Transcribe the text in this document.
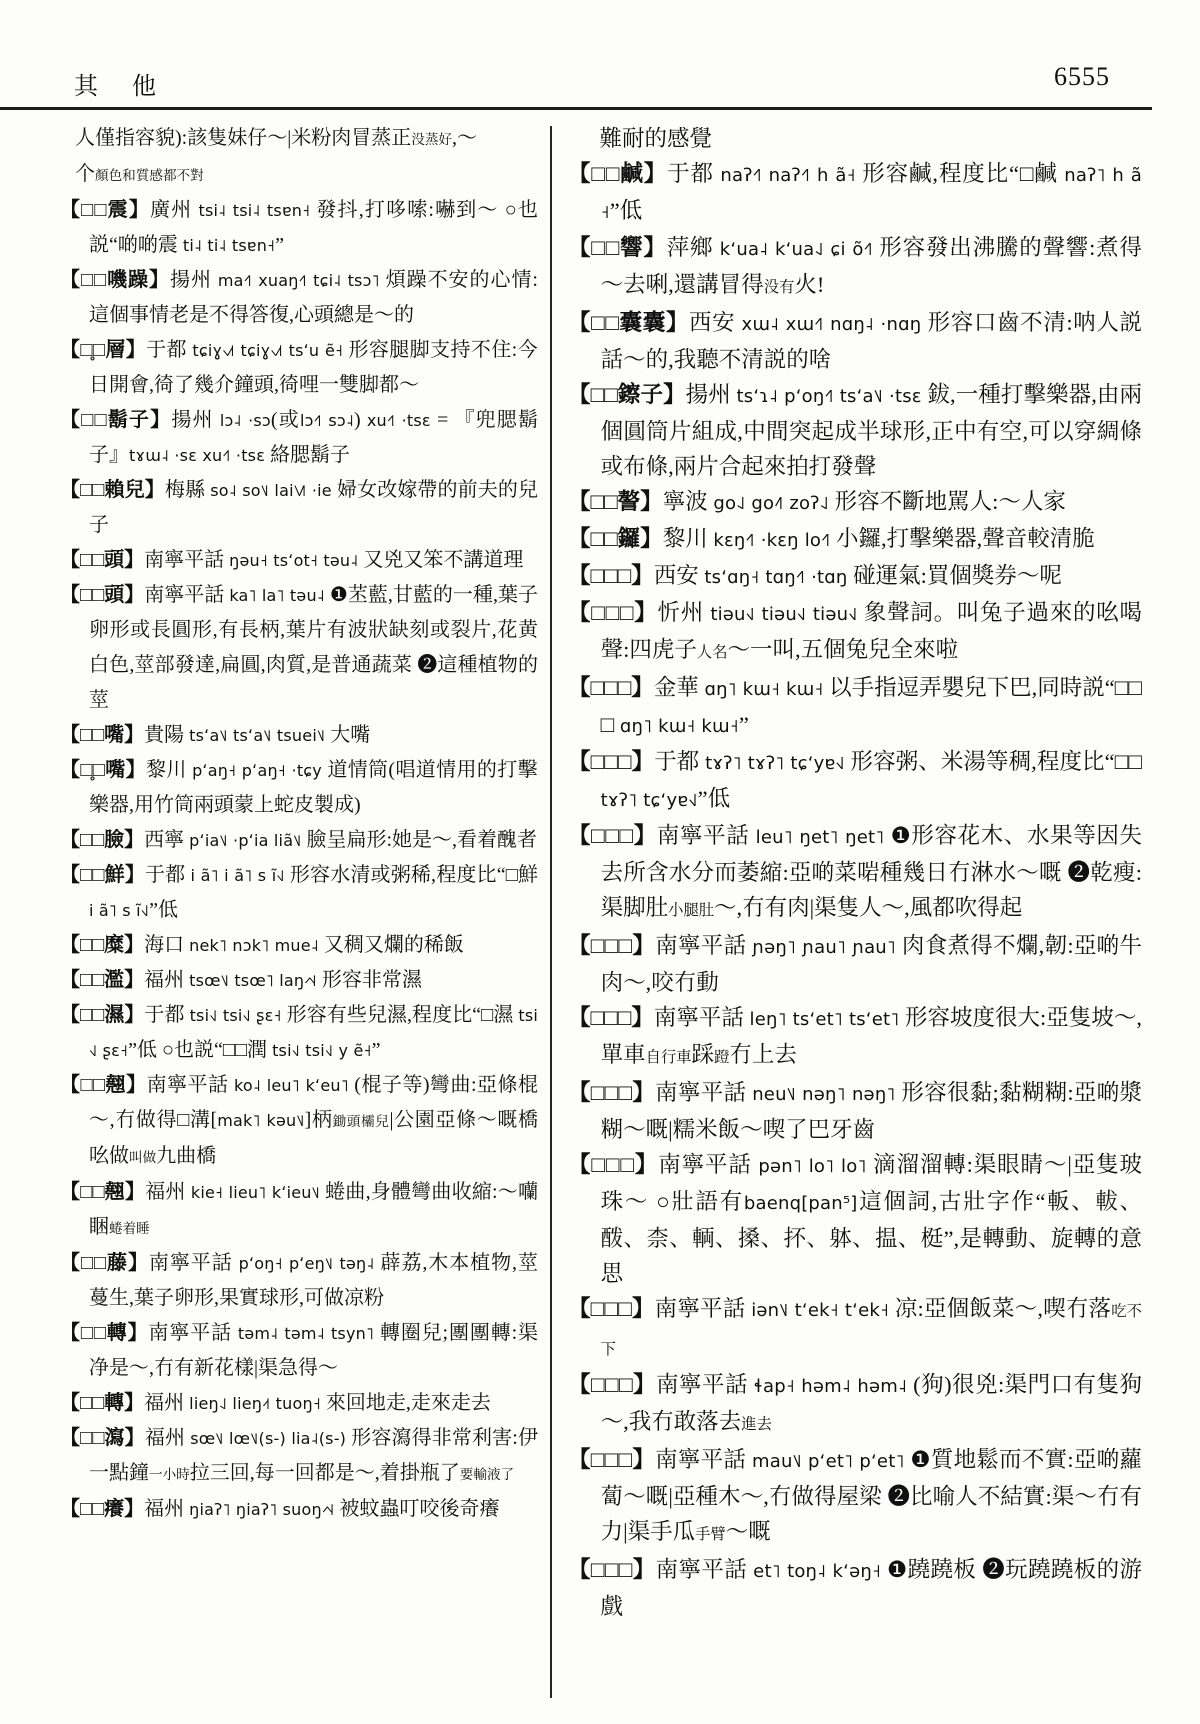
其 他	6555

人僅指容貌):該隻妹仔～|米粉肉冒蒸正没蒸好,～

个顏色和質感都不對

【□□震】廣州 tsi˨ tsi˨ tsɐn˧ 發抖,打哆嗦:嚇到～ ○也説“啲啲震 ti˨ ti˨ tsɐn˧”

【□□嘰躁】揚州 ma˧˥ xuaŋ˧˥ tɕi˨ tsɔ˥ 煩躁不安的心情:這個事情老是不得答復,心頭總是～的

【□̥□層】于都 tɕiɣ˧˩˦ tɕiɣ˧˩˦ tsʻu ẽ˧ 形容腿脚支持不住:今日開會,徛了幾介鐘頭,徛哩一雙脚都～

【□□鬍子】揚州 lɔ˨ ·sɔ(或lɔ˧˥ sɔ˨) xu˧˥ ·tsɛ = 『兜腮鬍子』tɤɯ˨ ·sɛ xu˧˥ ·tsɛ 絡腮鬍子

【□□賴兒】梅縣 so˨ so˥˩ lai˥˩˥ ·ie 婦女改嫁帶的前夫的兒子

【□□頭】南寧平話 ŋəu˧ tsʻot˧ təu˨ 又兇又笨不講道理

【□□頭】南寧平話 ka˥ la˥ təu˨ ❶苤藍,甘藍的一種,葉子卵形或長圓形,有長柄,葉片有波狀缺刻或裂片,花黄白色,莖部發達,扁圓,肉質,是普通蔬菜 ❷這種植物的莖

【□□嘴】貴陽 tsʻa˥˩ tsʻa˥˩ tsuei˥˩ 大嘴

【□̥□嘴】黎川 pʻaŋ˧ pʻaŋ˧ ·tɕy 道情筒(唱道情用的打擊樂器,用竹筒兩頭蒙上蛇皮製成)

【□□臉】西寧 pʻia˥˩ ·pʻia liã˥˩ 臉呈扁形:她是～,看着醜者

【□□鮮】于都 i ã˥ i ã˥ s ĩ˧˩ 形容水清或粥稀,程度比“□鮮 i ã˥ s ĩ˧˩”低

【□□糜】海口 nek˥ nɔk˥ mue˨ 又稠又爛的稀飯

【□□濫】福州 tsœ˥˩ tsœ˥ laŋ˨˦˨ 形容非常濕

【□□濕】于都 tsi˧˩ tsi˧˩ ʂɛ˧ 形容有些兒濕,程度比“□濕 tsi˧˩ ʂɛ˧”低 ○也説“□□潤 tsi˧˩ tsi˧˩ y ẽ˧”

【□□翹】南寧平話 ko˨ leu˥ kʻeu˥ (棍子等)彎曲:亞條棍～,冇做得□溝[mak˥ kəu˥˩]柄鋤頭欛兒|公園亞條～嘅橋吆做叫做九曲橋

【□□翹】福州 kie˧ lieu˥ kʻieu˥˩ 蜷曲,身體彎曲收縮:～囒睏蜷着睡

【□□藤】南寧平話 pʻoŋ˧ pʻeŋ˥˩ təŋ˨ 薜荔,木本植物,莖蔓生,葉子卵形,果實球形,可做凉粉

【□□轉】南寧平話 təm˨ təm˨ tsyn˥ 轉圈兒;團團轉:渠净是～,冇有新花樣|渠急得～

【□□轉】福州 lieŋ˨˩ lieŋ˨˦ tuoŋ˧ 來回地走,走來走去

【□□瀉】福州 sœ˥˩ lœ˥˩(s-) lia˨(s-) 形容瀉得非常利害:伊一點鐘一小時拉三回,每一回都是～,着掛瓶了要輸液了

【□□癢】福州 ŋiaʔ˥ ŋiaʔ˥ suoŋ˨˦˨ 被蚊蟲叮咬後奇癢

難耐的感覺

【□□鹹】于都 naʔ˧˥ naʔ˧˥ h ã˧ 形容鹹,程度比“□鹹 naʔ˥ h ã˧”低

【□□響】萍鄉 kʻua˨ kʻua˨˩ ɕi õ˧˥ 形容發出沸騰的聲響:煮得～去唎,還講冒得没有火!

【□□囊囊】西安 xɯ˨ xɯ˧˥ nɑŋ˨ ·nɑŋ 形容口齒不清:呐人説話～的,我聽不清説的啥

【□□鑔子】揚州 tsʻɿ˨ pʻoŋ˧˥ tsʻa˥˩ ·tsɛ 鈸,一種打擊樂器,由兩個圓筒片組成,中間突起成半球形,正中有空,可以穿綢條或布條,兩片合起來拍打發聲

【□□謷】寧波 go˨˩ go˨˥ zoʔ˨˩ 形容不斷地駡人:～人家

【□□鑼】黎川 kɛŋ˧˥ ·kɛŋ lo˧˥ 小鑼,打擊樂器,聲音較清脆

【□□□】西安 tsʻɑŋ˧ tɑŋ˧˥ ·tɑŋ 碰運氣:買個獎券～呢

【□□□】忻州 tiəu˧˩ tiəu˧˩ tiəu˧˩ 象聲詞。叫兔子過來的吆喝聲:四虎子人名～一叫,五個兔兒全來啦

【□□□】金華 ɑŋ˥ kɯ˧ kɯ˧ 以手指逗弄嬰兒下巴,同時説“□□□ ɑŋ˥ kɯ˧ kɯ˧”

【□□□】于都 tɤʔ˥ tɤʔ˥ tɕʻyɐ˧˩ 形容粥、米湯等稠,程度比“□□ tɤʔ˥ tɕʻyɐ˧˩”低

【□□□】南寧平話 leu˥ ŋet˥ ŋet˥ ❶形容花木、水果等因失去所含水分而萎縮:亞啲菜啱種幾日冇淋水～嘅 ❷乾瘦:渠脚肚小腿肚～,冇有肉|渠隻人～,風都吹得起

【□□□】南寧平話 ɲəŋ˥ ɲau˥ ɲau˥ 肉食煮得不爛,韌:亞啲牛肉～,咬冇動

【□□□】南寧平話 leŋ˥ tsʻet˥ tsʻet˥ 形容坡度很大:亞隻坡～,單車自行車踩蹬冇上去

【□□□】南寧平話 neu˥˩ nəŋ˥ nəŋ˥ 形容很黏;黏糊糊:亞啲漿糊～嘅|糯米飯～喫了巴牙齒

【□□□】南寧平話 pən˥ lo˥ lo˥ 滴溜溜轉:渠眼睛～|亞隻玻珠～ ○壯語有baenq[pan⁵]這個詞,古壯字作“䡊、軷、酦、柰、輌、搡、抔、躰、揾、梃”,是轉動、旋轉的意思

【□□□】南寧平話 iən˥˩ tʻek˧ tʻek˧ 凉:亞個飯菜～,喫冇落吃不下

【□□□】南寧平話 ɬap˧ həm˨ həm˨ (狗)很兇:渠門口有隻狗～,我冇敢落去進去

【□□□】南寧平話 mau˥˩ pʻet˥ pʻet˥ ❶質地鬆而不實:亞啲蘿蔔～嘅|亞種木～,冇做得屋梁 ❷比喻人不結實:渠～冇有力|渠手瓜手臂～嘅

【□□□】南寧平話 et˥ toŋ˨ kʻəŋ˧ ❶蹺蹺板 ❷玩蹺蹺板的游戲
